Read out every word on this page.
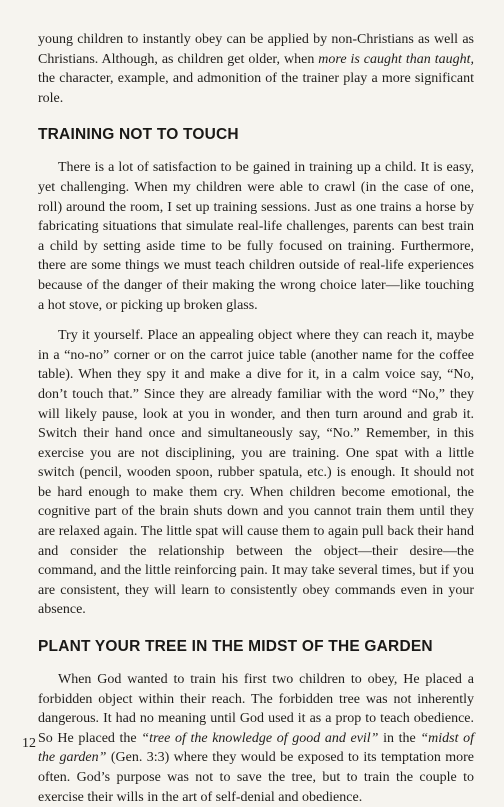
young children to instantly obey can be applied by non-Christians as well as Christians. Although, as children get older, when more is caught than taught, the character, example, and admonition of the trainer play a more significant role.

TRAINING NOT TO TOUCH

There is a lot of satisfaction to be gained in training up a child. It is easy, yet challenging. When my children were able to crawl (in the case of one, roll) around the room, I set up training sessions. Just as one trains a horse by fabricating situations that simulate real-life challenges, parents can best train a child by setting aside time to be fully focused on training. Furthermore, there are some things we must teach children outside of real-life experiences because of the danger of their making the wrong choice later—like touching a hot stove, or picking up broken glass.

Try it yourself. Place an appealing object where they can reach it, maybe in a “no-no” corner or on the carrot juice table (another name for the coffee table). When they spy it and make a dive for it, in a calm voice say, “No, don’t touch that.” Since they are already familiar with the word “No,” they will likely pause, look at you in wonder, and then turn around and grab it. Switch their hand once and simultaneously say, “No.” Remember, in this exercise you are not disciplining, you are training. One spat with a little switch (pencil, wooden spoon, rubber spatula, etc.) is enough. It should not be hard enough to make them cry. When children become emotional, the cognitive part of the brain shuts down and you cannot train them until they are relaxed again. The little spat will cause them to again pull back their hand and consider the relationship between the object—their desire—the command, and the little reinforcing pain. It may take several times, but if you are consistent, they will learn to consistently obey commands even in your absence.

PLANT YOUR TREE IN THE MIDST OF THE GARDEN

When God wanted to train his first two children to obey, He placed a forbidden object within their reach. The forbidden tree was not inherently dangerous. It had no meaning until God used it as a prop to teach obedience. So He placed the “tree of the knowledge of good and evil” in the “midst of the garden” (Gen. 3:3) where they would be exposed to its temptation more often. God’s purpose was not to save the tree, but to train the couple to exercise their wills in the art of self-denial and obedience.

12
